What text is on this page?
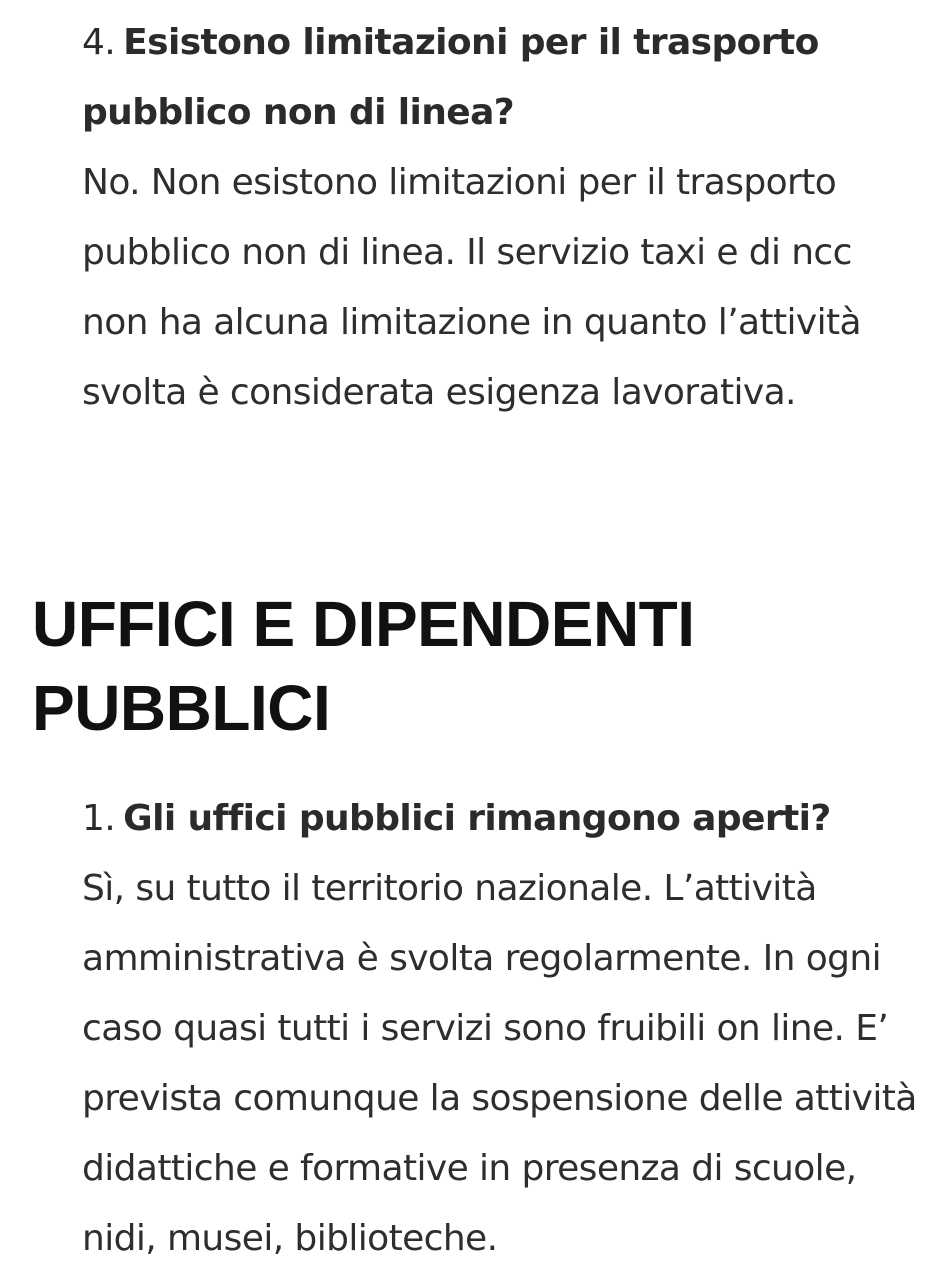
4. Esistono limitazioni per il trasporto pubblico non di linea?

No. Non esistono limitazioni per il trasporto pubblico non di linea. Il servizio taxi e di ncc non ha alcuna limitazione in quanto l’attività svolta è considerata esigenza lavorativa.

UFFICI E DIPENDENTI PUBBLICI

1. Gli uffici pubblici rimangono aperti?

Sì, su tutto il territorio nazionale. L’attività amministrativa è svolta regolarmente. In ogni caso quasi tutti i servizi sono fruibili on line. E’ prevista comunque la sospensione delle attività didattiche e formative in presenza di scuole, nidi, musei, biblioteche.
